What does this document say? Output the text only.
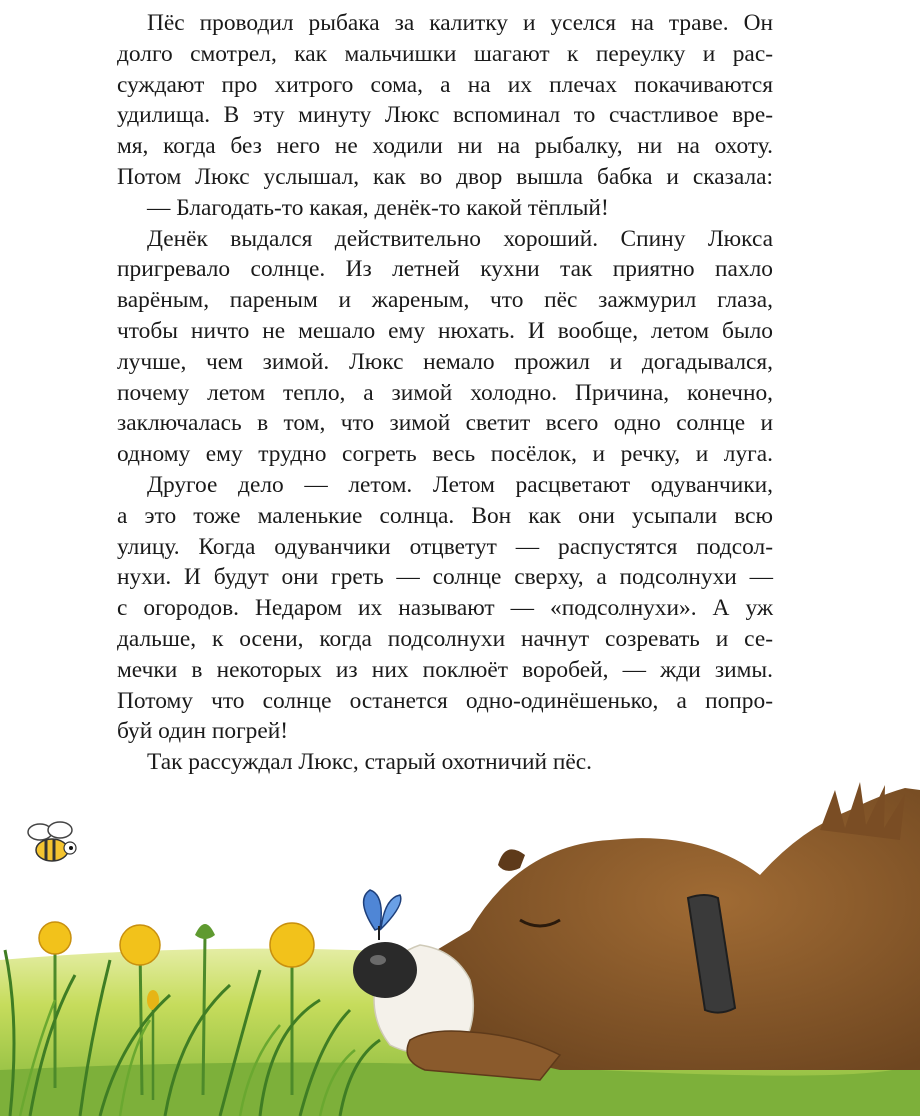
Пёс проводил рыбака за калитку и уселся на траве. Он
долго смотрел, как мальчишки шагают к переулку и рас-
суждают про хитрого сома, а на их плечах покачиваются
удилища. В эту минуту Люкс вспоминал то счастливое вре-
мя, когда без него не ходили ни на рыбалку, ни на охоту.
Потом Люкс услышал, как во двор вышла бабка и сказала:
— Благодать-то какая, денёк-то какой тёплый!
Денёк выдался действительно хороший. Спину Люкса
пригревало солнце. Из летней кухни так приятно пахло
варёным, пареным и жареным, что пёс зажмурил глаза,
чтобы ничто не мешало ему нюхать. И вообще, летом было
лучше, чем зимой. Люкс немало прожил и догадывался,
почему летом тепло, а зимой холодно. Причина, конечно,
заключалась в том, что зимой светит всего одно солнце и
одному ему трудно согреть весь посёлок, и речку, и луга.
Другое дело — летом. Летом расцветают одуванчики,
а это тоже маленькие солнца. Вон как они усыпали всю
улицу. Когда одуванчики отцветут — распустятся подсол-
нухи. И будут они греть — солнце сверху, а подсолнухи —
с огородов. Недаром их называют — «подсолнухи». А уж
дальше, к осени, когда подсолнухи начнут созревать и се-
мечки в некоторых из них поклюёт воробей, — жди зимы.
Потому что солнце останется одно-одинёшенько, а попро-
буй один погрей!
Так рассуждал Люкс, старый охотничий пёс.
